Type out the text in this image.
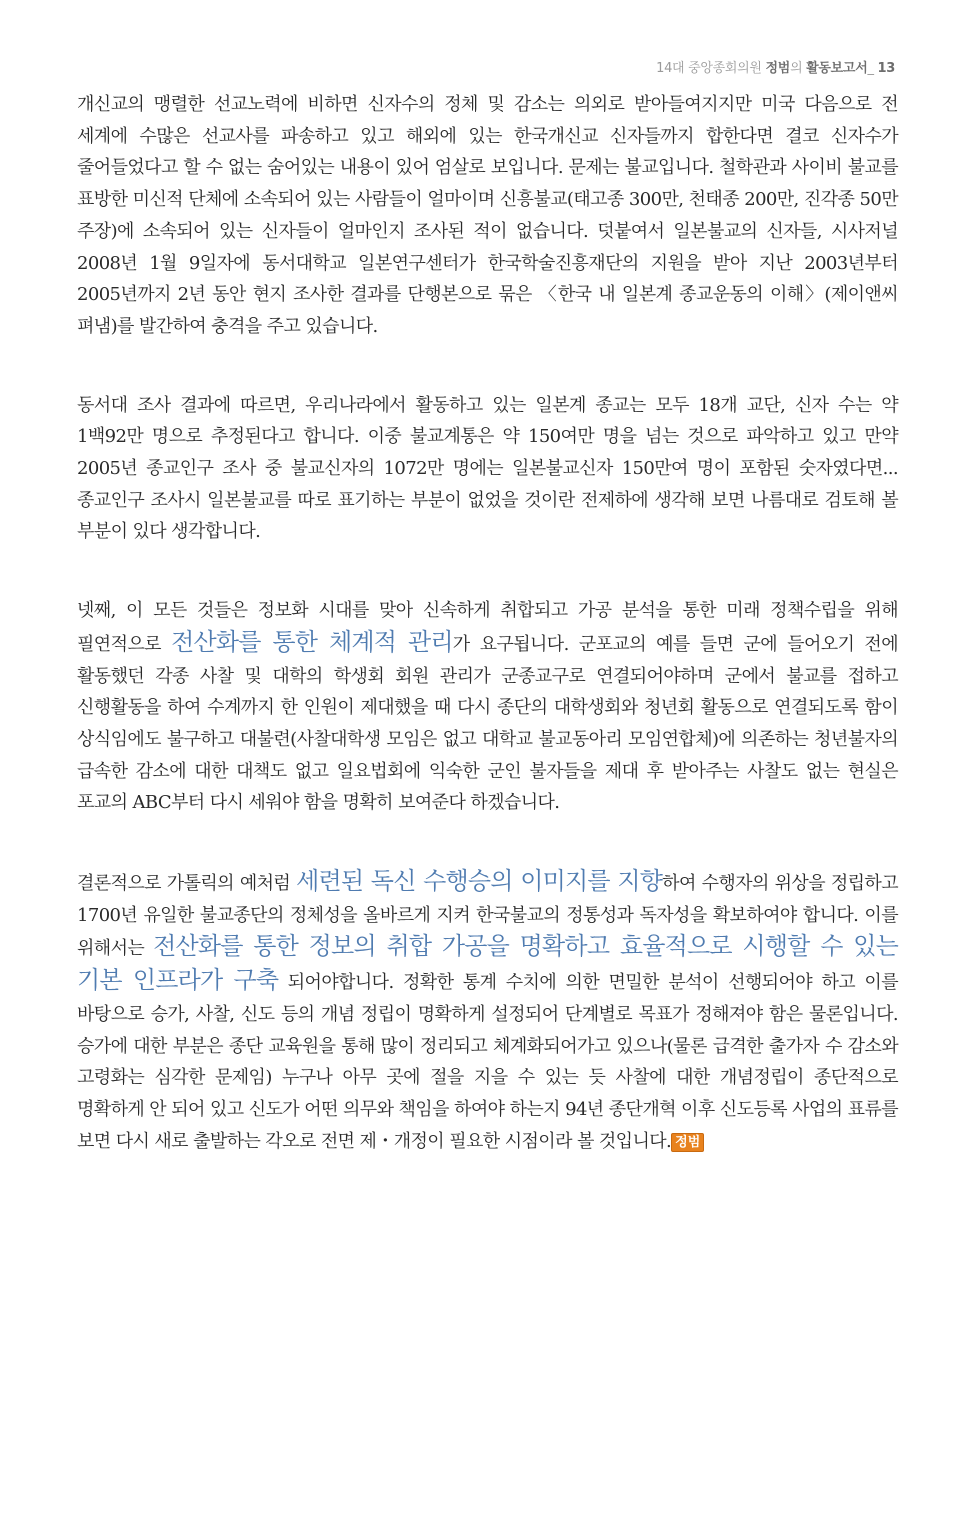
14대 중앙종회의원 정범의 활동보고서_ 13

개신교의 맹렬한 선교노력에 비하면 신자수의 정체 및 감소는 의외로 받아들여지지만 미국 다음으로 전 세계에 수많은 선교사를 파송하고 있고 해외에 있는 한국개신교 신자들까지 합한다면 결코 신자수가 줄어들었다고 할 수 없는 숨어있는 내용이 있어 엄살로 보입니다. 문제는 불교입니다. 철학관과 사이비 불교를 표방한 미신적 단체에 소속되어 있는 사람들이 얼마이며 신흥불교(태고종 300만, 천태종 200만, 진각종 50만 주장)에 소속되어 있는 신자들이 얼마인지 조사된 적이 없습니다. 덧붙여서 일본불교의 신자들, 시사저널 2008년 1월 9일자에 동서대학교 일본연구센터가 한국학술진흥재단의 지원을 받아 지난 2003년부터 2005년까지 2년 동안 현지 조사한 결과를 단행본으로 묶은 〈한국 내 일본계 종교운동의 이해〉(제이앤씨 펴냄)를 발간하여 충격을 주고 있습니다.

동서대 조사 결과에 따르면, 우리나라에서 활동하고 있는 일본계 종교는 모두 18개 교단, 신자 수는 약 1백92만 명으로 추정된다고 합니다. 이중 불교계통은 약 150여만 명을 넘는 것으로 파악하고 있고 만약 2005년 종교인구 조사 중 불교신자의 1072만 명에는 일본불교신자 150만여 명이 포함된 숫자였다면... 종교인구 조사시 일본불교를 따로 표기하는 부분이 없었을 것이란 전제하에 생각해 보면 나름대로 검토해 볼 부분이 있다 생각합니다.

넷째, 이 모든 것들은 정보화 시대를 맞아 신속하게 취합되고 가공 분석을 통한 미래 정책수립을 위해 필연적으로 전산화를 통한 체계적 관리가 요구됩니다. 군포교의 예를 들면 군에 들어오기 전에 활동했던 각종 사찰 및 대학의 학생회 회원 관리가 군종교구로 연결되어야하며 군에서 불교를 접하고 신행활동을 하여 수계까지 한 인원이 제대했을 때 다시 종단의 대학생회와 청년회 활동으로 연결되도록 함이 상식임에도 불구하고 대불련(사찰대학생 모임은 없고 대학교 불교동아리 모임연합체)에 의존하는 청년불자의 급속한 감소에 대한 대책도 없고 일요법회에 익숙한 군인 불자들을 제대 후 받아주는 사찰도 없는 현실은 포교의 ABC부터 다시 세워야 함을 명확히 보여준다 하겠습니다.

결론적으로 가톨릭의 예처럼 세련된 독신 수행승의 이미지를 지향하여 수행자의 위상을 정립하고 1700년 유일한 불교종단의 정체성을 올바르게 지켜 한국불교의 정통성과 독자성을 확보하여야 합니다. 이를 위해서는 전산화를 통한 정보의 취합 가공을 명확하고 효율적으로 시행할 수 있는 기본 인프라가 구축 되어야합니다. 정확한 통계 수치에 의한 면밀한 분석이 선행되어야 하고 이를 바탕으로 승가, 사찰, 신도 등의 개념 정립이 명확하게 설정되어 단계별로 목표가 정해져야 함은 물론입니다. 승가에 대한 부분은 종단 교육원을 통해 많이 정리되고 체계화되어가고 있으나(물론 급격한 출가자 수 감소와 고령화는 심각한 문제임) 누구나 아무 곳에 절을 지을 수 있는 듯 사찰에 대한 개념정립이 종단적으로 명확하게 안 되어 있고 신도가 어떤 의무와 책임을 하여야 하는지 94년 종단개혁 이후 신도등록 사업의 표류를 보면 다시 새로 출발하는 각오로 전면 제・개정이 필요한 시점이라 볼 것입니다. 정범
